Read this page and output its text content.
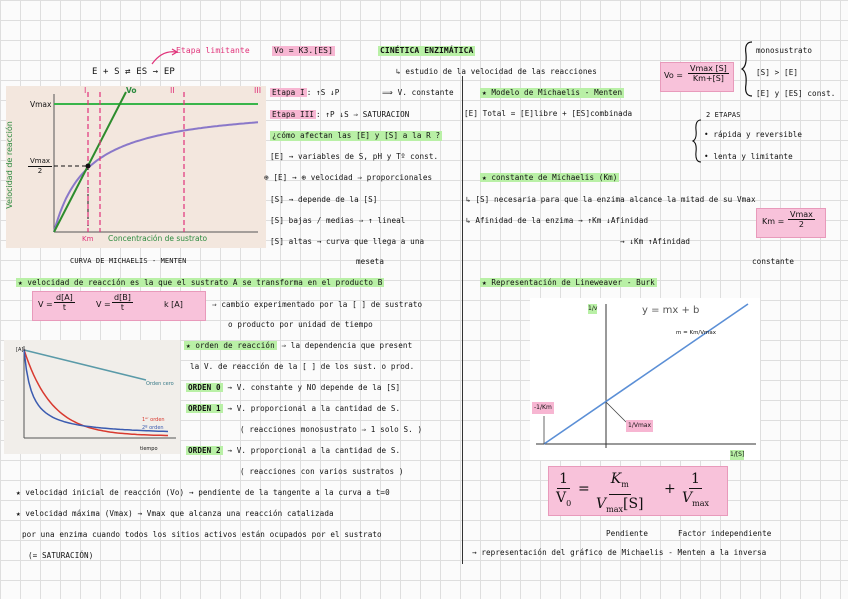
E + S ⇄ ES → EP
Etapa limitante	Vo = K3.[ES]	CINÉTICA ENZIMÁTICA
↳ estudio de la velocidad de las reacciones	Vo =
Vmax [S]
Km+[S]
monosustrato
[S] > [E]
[E] y [ES] const.
★ Modelo de Michaelis - Menten
[E] Total = [E]libre + [ES]combinada	2 ETAPAS
• rápida y reversible
• lenta y limitante
Velocidad de reacción
Vmax
Vmax
2
Km Concentración de sustrato
Vo
I	II	III
CURVA DE MICHAELIS - MENTEN
Etapa I : ↑S ↓P	⟹ V. constante
Etapa III : ↑P ↓S ⇒ SATURACION
¿cómo afectan las [E] y [S] a la R ?
[E] → variables de S, pH y Tº const.
⊕ [E] → ⊕ velocidad ⇒ proporcionales
[S] → depende de la [S]
[S] bajas / medias ⇒ ↑ lineal
[S] altas → curva que llega a una
meseta
★ constante de Michaelis (Km)
↳ [S] necesaria para que la enzima alcance la mitad de su Vmax
↳ Afinidad de la enzima → ↑Km ↓Afinidad
→ ↓Km ↑Afinidad
Km =
Vmax
2
constante
★ velocidad de reacción es la que el sustrato A se transforma en el producto B
V =
d[A]
t	V =
d[B]
t	k [A]	⇒ cambio experimentado por la [ ] de sustrato
o producto por unidad de tiempo
[A]₀
Orden cero
1ᵉʳ orden
2º orden
tiempo
★ orden de reacción ⇒ la dependencia que present
la V. de reacción de la [ ] de los sust. o prod.
ORDEN 0 → V. constante y NO depende de la [S]
ORDEN 1 → V. proporcional a la cantidad de S.
( reacciones monosustrato ⇒ 1 solo S. )
ORDEN 2 → V. proporcional a la cantidad de S.
( reacciones con varios sustratos )
★ velocidad inicial de reacción (Vo) → pendiente de la tangente a la curva a t=0
★ velocidad máxima (Vmax) → Vmax que alcanza una reacción catalizada
por una enzima cuando todos los sitios activos están ocupados por el sustrato
(= SATURACIÓN)
★ Representación de Lineweaver - Burk
y = mx + b
m = Km/Vmax
1/v
1/[S]
-1/Km
1/Vmax
1
$V_0$
=
$K_m$
$V_{max}[S]$
+
1
$V_{max}$
Pendiente	Factor independiente
→ representación del gráfico de Michaelis - Menten a la inversa
